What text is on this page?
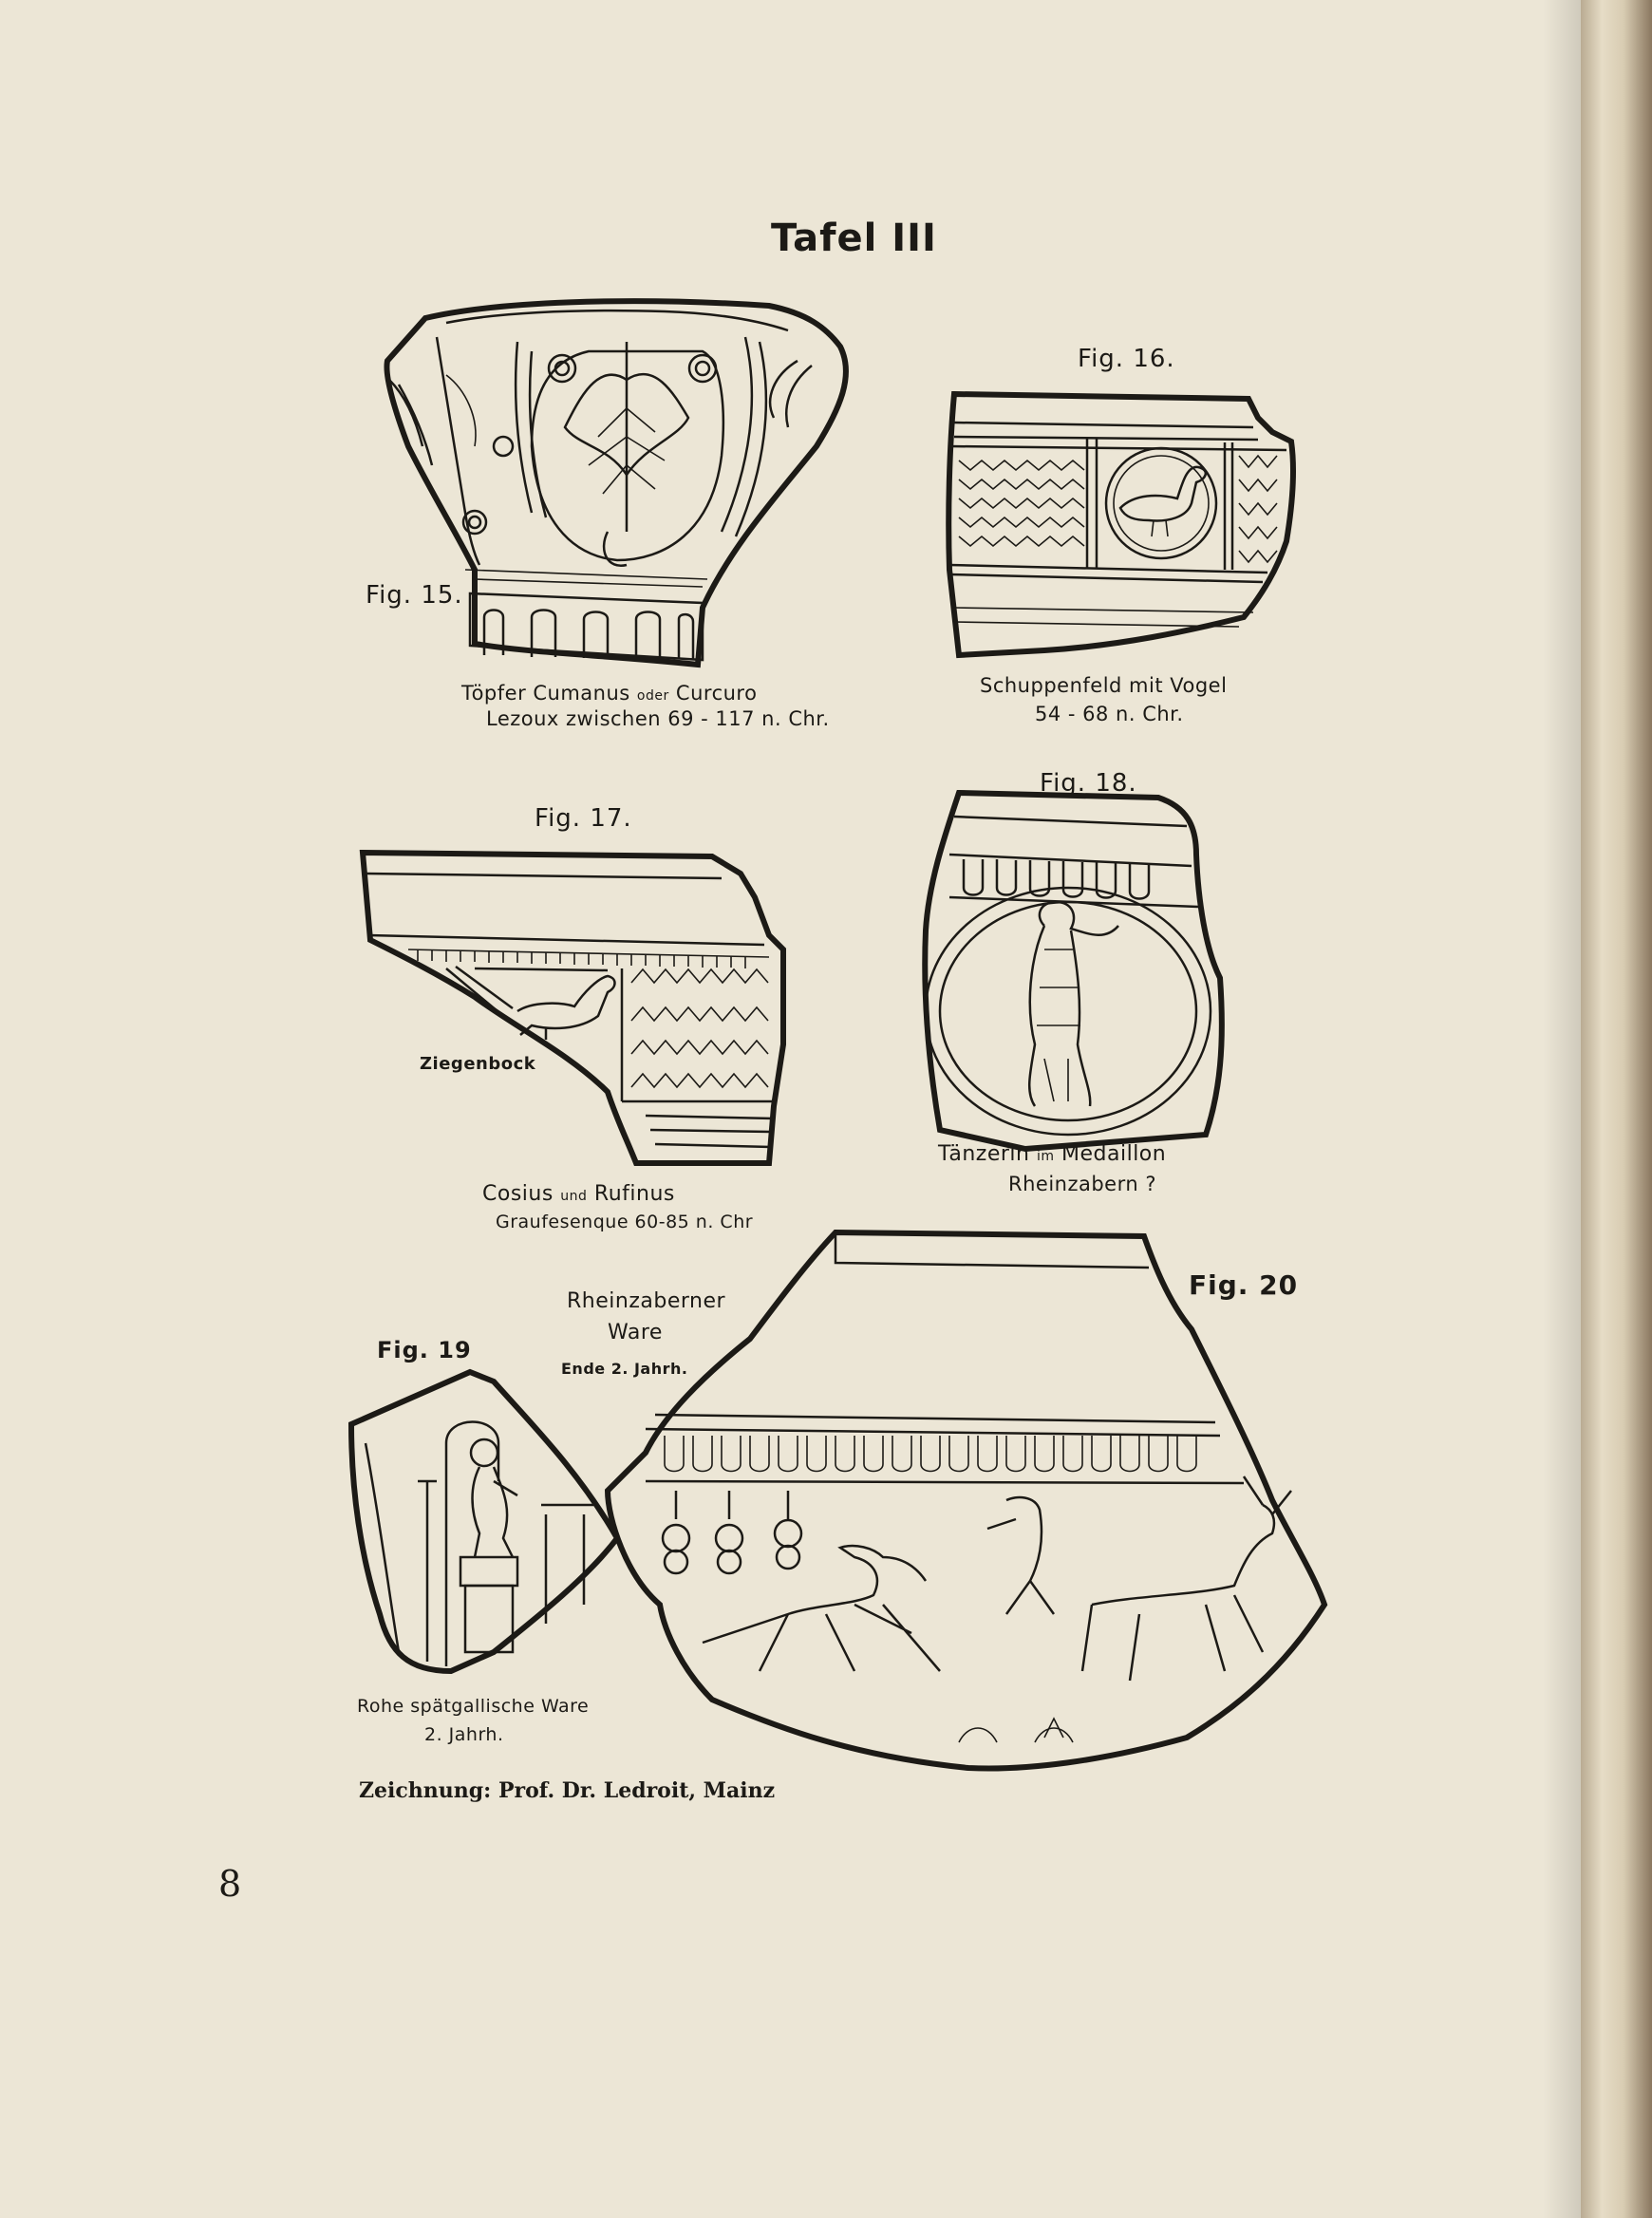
Tafel III
Fig. 15.
Töpfer Cumanus oder Curcuro
Lezoux zwischen 69 - 117 n. Chr.
Fig. 16.
Schuppenfeld mit Vogel
54 - 68 n. Chr.
Fig. 17.
Ziegenbock
Cosius und Rufinus
Graufesenque 60-85 n. Chr
Fig. 18.
Tänzerin im Medaillon
Rheinzabern ?
Fig. 19
Rohe spätgallische Ware
2. Jahrh.
Fig. 20
Rheinzaberner
Ware
Ende 2. Jahrh.
Zeichnung: Prof. Dr. Ledroit, Mainz
8
